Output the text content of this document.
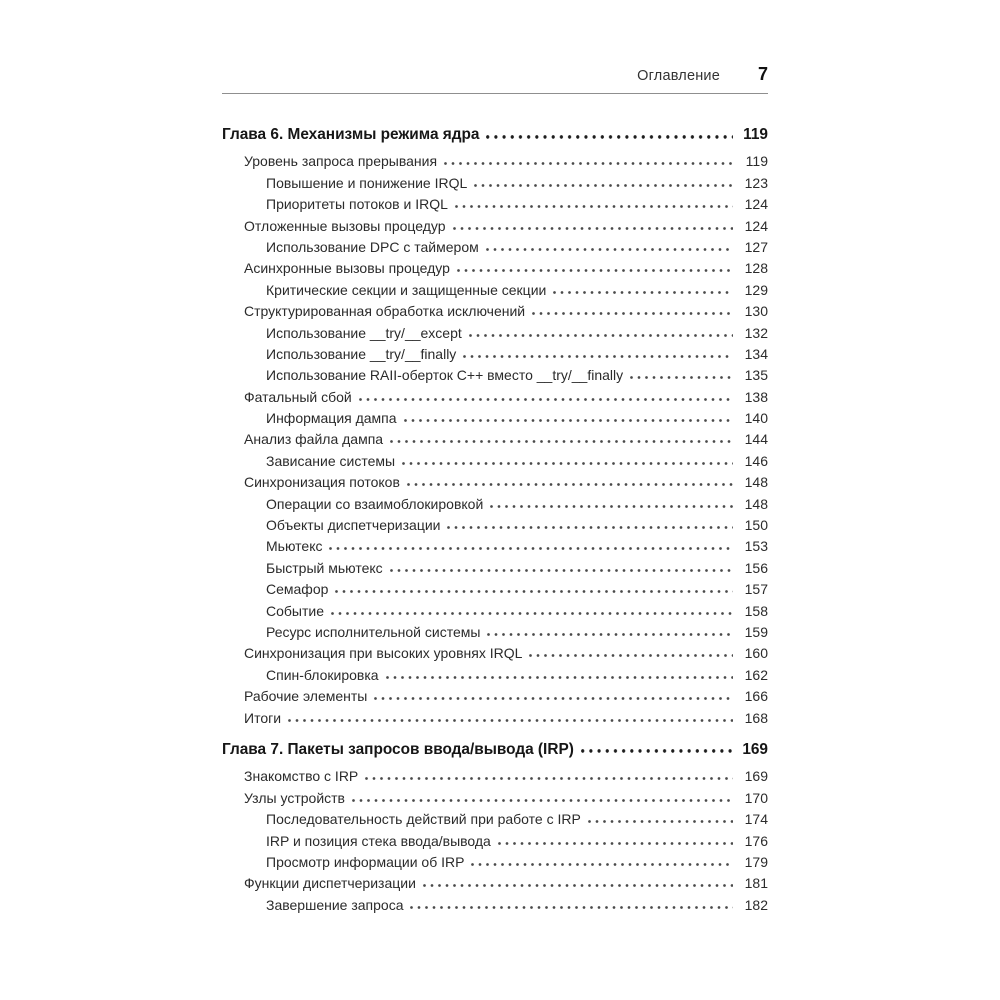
Оглавление 7
Глава 6. Механизмы режима ядра	119
Уровень запроса прерывания	119
Повышение и понижение IRQL	123
Приоритеты потоков и IRQL	124
Отложенные вызовы процедур	124
Использование DPC с таймером	127
Асинхронные вызовы процедур	128
Критические секции и защищенные секции	129
Структурированная обработка исключений	130
Использование __try/__except	132
Использование __try/__finally	134
Использование RAII-оберток C++ вместо __try/__finally	135
Фатальный сбой	138
Информация дампа	140
Анализ файла дампа	144
Зависание системы	146
Синхронизация потоков	148
Операции со взаимоблокировкой	148
Объекты диспетчеризации	150
Мьютекс	153
Быстрый мьютекс	156
Семафор	157
Событие	158
Ресурс исполнительной системы	159
Синхронизация при высоких уровнях IRQL	160
Спин-блокировка	162
Рабочие элементы	166
Итоги	168
Глава 7. Пакеты запросов ввода/вывода (IRP)	169
Знакомство с IRP	169
Узлы устройств	170
Последовательность действий при работе с IRP	174
IRP и позиция стека ввода/вывода	176
Просмотр информации об IRP	179
Функции диспетчеризации	181
Завершение запроса	182
